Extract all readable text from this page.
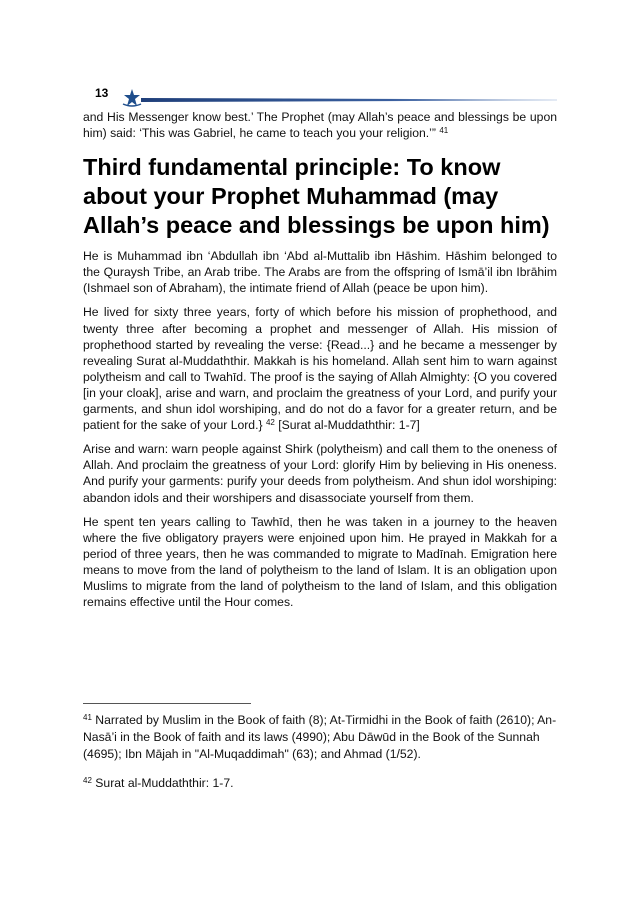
13

and His Messenger know best.’ The Prophet (may Allah’s peace and blessings be upon him) said: ‘This was Gabriel, he came to teach you your religion.’” $^{41}$

Third fundamental principle: To know about your Prophet Muhammad (may Allah’s peace and blessings be upon him)

He is Muhammad ibn ‘Abdullah ibn ‘Abd al-Muttalib ibn Hāshim. Hāshim belonged to the Quraysh Tribe, an Arab tribe. The Arabs are from the offspring of Ismā’il ibn Ibrāhim (Ishmael son of Abraham), the intimate friend of Allah (peace be upon him).

He lived for sixty three years, forty of which before his mission of prophethood, and twenty three after becoming a prophet and messenger of Allah. His mission of prophethood started by revealing the verse: {Read...} and he became a messenger by revealing Surat al-Muddaththir. Makkah is his homeland. Allah sent him to warn against polytheism and call to Twahīd. The proof is the saying of Allah Almighty: {O you covered [in your cloak], arise and warn, and proclaim the greatness of your Lord, and purify your garments, and shun idol worshiping, and do not do a favor for a greater return, and be patient for the sake of your Lord.} $^{42}$ [Surat al-Muddaththir: 1-7]

Arise and warn: warn people against Shirk (polytheism) and call them to the oneness of Allah. And proclaim the greatness of your Lord: glorify Him by believing in His oneness. And purify your garments: purify your deeds from polytheism. And shun idol worshiping: abandon idols and their worshipers and disassociate yourself from them.

He spent ten years calling to Tawhīd, then he was taken in a journey to the heaven where the five obligatory prayers were enjoined upon him. He prayed in Makkah for a period of three years, then he was commanded to migrate to Madīnah. Emigration here means to move from the land of polytheism to the land of Islam. It is an obligation upon Muslims to migrate from the land of polytheism to the land of Islam, and this obligation remains effective until the Hour comes.

$^{41}$ Narrated by Muslim in the Book of faith (8); At-Tirmidhi in the Book of faith (2610); An-Nasā’i in the Book of faith and its laws (4990); Abu Dāwūd in the Book of the Sunnah (4695); Ibn Mājah in "Al-Muqaddimah" (63); and Ahmad (1/52).

$^{42}$ Surat al-Muddaththir: 1-7.
